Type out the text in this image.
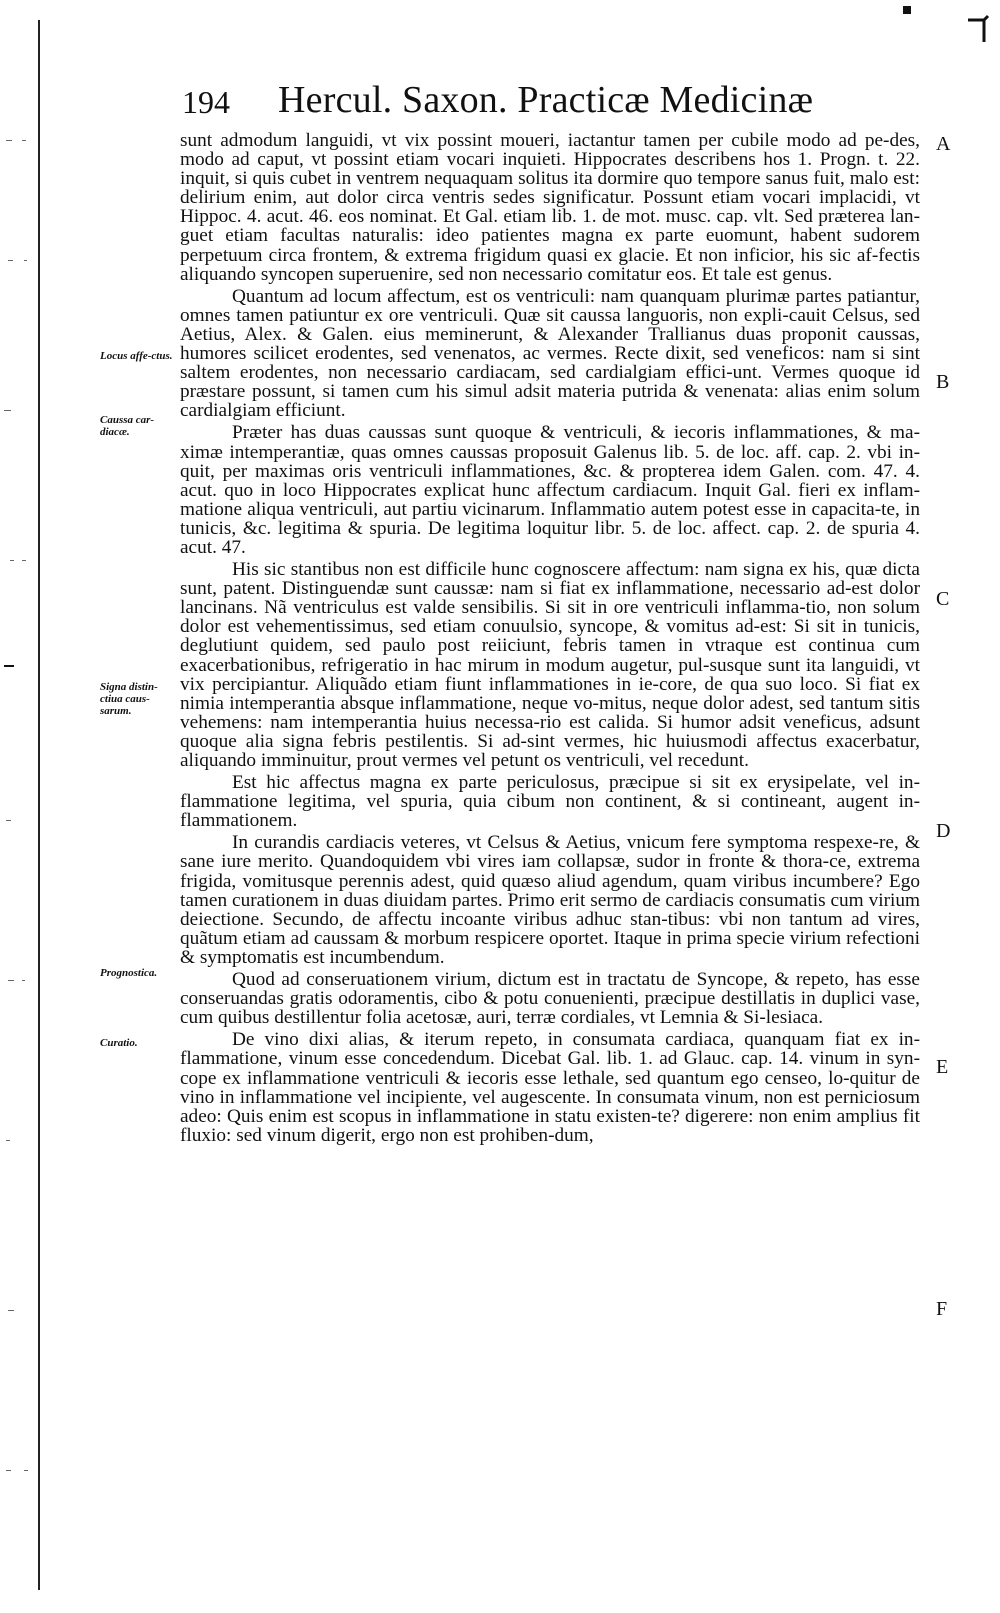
194 Hercul. Saxon. Practicæ Medicinæ
Locus affe-ctus.
Caussa car-diacæ.
Signa distin-ctiua caus-sarum.
Prognostica.
Curatio.
A
B
C
D
E
F

sunt admodum languidi, vt vix possint moueri, iactantur tamen per cubile modo ad pe-des, modo ad caput, vt possint etiam vocari inquieti. Hippocrates describens hos 1. Progn. t. 22. inquit, si quis cubet in ventrem nequaquam solitus ita dormire quo tempore sanus fuit, malo est: delirium enim, aut dolor circa ventris sedes significatur. Possunt etiam vocari implacidi, vt Hippoc. 4. acut. 46. eos nominat. Et Gal. etiam lib. 1. de mot. musc. cap. vlt. Sed præterea lan-guet etiam facultas naturalis: ideo patientes magna ex parte euomunt, habent sudorem perpetuum circa frontem, & extrema frigidum quasi ex glacie. Et non inficior, his sic af-fectis aliquando syncopen superuenire, sed non necessario comitatur eos. Et tale est genus.

Quantum ad locum affectum, est os ventriculi: nam quanquam plurimæ partes patiantur, omnes tamen patiuntur ex ore ventriculi. Quæ sit caussa languoris, non expli-cauit Celsus, sed Aetius, Alex. & Galen. eius meminerunt, & Alexander Trallianus duas proponit caussas, humores scilicet erodentes, sed venenatos, ac vermes. Recte dixit, sed veneficos: nam si sint saltem erodentes, non necessario cardiacam, sed cardialgiam effici-unt. Vermes quoque id præstare possunt, si tamen cum his simul adsit materia putrida & venenata: alias enim solum cardialgiam efficiunt.

Præter has duas caussas sunt quoque & ventriculi, & iecoris inflammationes, & ma-ximæ intemperantiæ, quas omnes caussas proposuit Galenus lib. 5. de loc. aff. cap. 2. vbi in-quit, per maximas oris ventriculi inflammationes, &c. & propterea idem Galen. com. 47. 4. acut. quo in loco Hippocrates explicat hunc affectum cardiacum. Inquit Gal. fieri ex inflam-matione aliqua ventriculi, aut partiu vicinarum. Inflammatio autem potest esse in capacita-te, in tunicis, &c. legitima & spuria. De legitima loquitur libr. 5. de loc. affect. cap. 2. de spuria 4. acut. 47.

His sic stantibus non est difficile hunc cognoscere affectum: nam signa ex his, quæ dicta sunt, patent. Distinguendæ sunt caussæ: nam si fiat ex inflammatione, necessario ad-est dolor lancinans. Nã ventriculus est valde sensibilis. Si sit in ore ventriculi inflamma-tio, non solum dolor est vehementissimus, sed etiam conuulsio, syncope, & vomitus ad-est: Si sit in tunicis, deglutiunt quidem, sed paulo post reiiciunt, febris tamen in vtraque est continua cum exacerbationibus, refrigeratio in hac mirum in modum augetur, pul-susque sunt ita languidi, vt vix percipiantur. Aliquãdo etiam fiunt inflammationes in ie-core, de qua suo loco. Si fiat ex nimia intemperantia absque inflammatione, neque vo-mitus, neque dolor adest, sed tantum sitis vehemens: nam intemperantia huius necessa-rio est calida. Si humor adsit veneficus, adsunt quoque alia signa febris pestilentis. Si ad-sint vermes, hic huiusmodi affectus exacerbatur, aliquando imminuitur, prout vermes vel petunt os ventriculi, vel recedunt.

Est hic affectus magna ex parte periculosus, præcipue si sit ex erysipelate, vel in-flammatione legitima, vel spuria, quia cibum non continent, & si contineant, augent in-flammationem.

In curandis cardiacis veteres, vt Celsus & Aetius, vnicum fere symptoma respexe-re, & sane iure merito. Quandoquidem vbi vires iam collapsæ, sudor in fronte & thora-ce, extrema frigida, vomitusque perennis adest, quid quæso aliud agendum, quam viribus incumbere? Ego tamen curationem in duas diuidam partes. Primo erit sermo de cardiacis consumatis cum virium deiectione. Secundo, de affectu incoante viribus adhuc stan-tibus: vbi non tantum ad vires, quãtum etiam ad caussam & morbum respicere oportet. Itaque in prima specie virium refectioni & symptomatis est incumbendum.

Quod ad conseruationem virium, dictum est in tractatu de Syncope, & repeto, has esse conseruandas gratis odoramentis, cibo & potu conuenienti, præcipue destillatis in duplici vase, cum quibus destillentur folia acetosæ, auri, terræ cordiales, vt Lemnia & Si-lesiaca.

De vino dixi alias, & iterum repeto, in consumata cardiaca, quanquam fiat ex in-flammatione, vinum esse concedendum. Dicebat Gal. lib. 1. ad Glauc. cap. 14. vinum in syn-cope ex inflammatione ventriculi & iecoris esse lethale, sed quantum ego censeo, lo-quitur de vino in inflammatione vel incipiente, vel augescente. In consumata vinum, non est perniciosum adeo: Quis enim est scopus in inflammatione in statu existen-te? digerere: non enim amplius fit fluxio: sed vinum digerit, ergo non est prohiben-dum,
